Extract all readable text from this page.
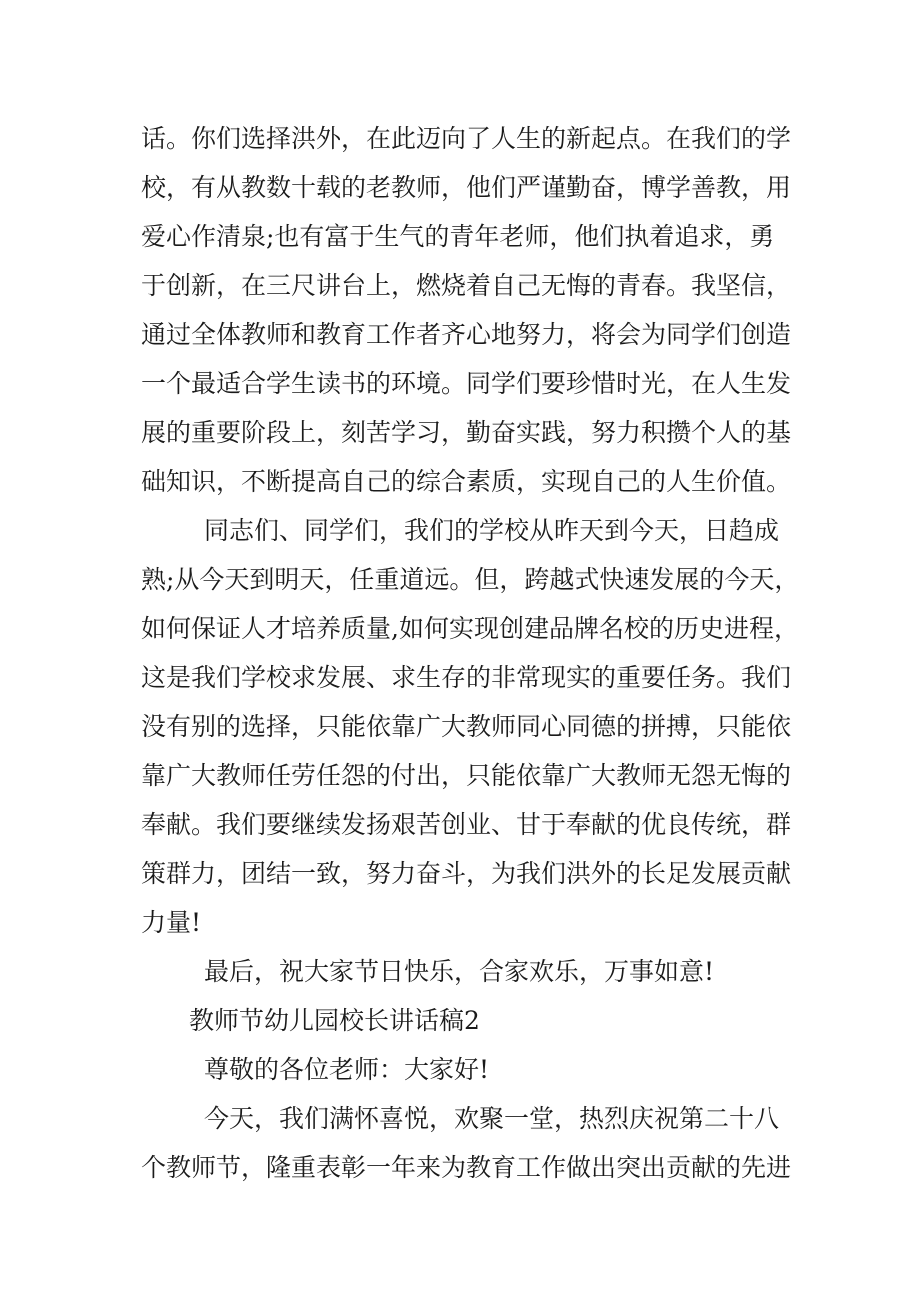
话。你们选择洪外，在此迈向了人生的新起点。在我们的学
校，有从教数十载的老教师，他们严谨勤奋，博学善教，用
爱心作清泉;也有富于生气的青年老师，他们执着追求，勇
于创新，在三尺讲台上，燃烧着自己无悔的青春。我坚信，
通过全体教师和教育工作者齐心地努力，将会为同学们创造
一个最适合学生读书的环境。同学们要珍惜时光，在人生发
展的重要阶段上，刻苦学习，勤奋实践，努力积攒个人的基
础知识，不断提高自己的综合素质，实现自己的人生价值。
同志们、同学们，我们的学校从昨天到今天，日趋成
熟;从今天到明天，任重道远。但，跨越式快速发展的今天，
如何保证人才培养质量,如何实现创建品牌名校的历史进程，
这是我们学校求发展、求生存的非常现实的重要任务。我们
没有别的选择，只能依靠广大教师同心同德的拼搏，只能依
靠广大教师任劳任怨的付出，只能依靠广大教师无怨无悔的
奉献。我们要继续发扬艰苦创业、甘于奉献的优良传统，群
策群力，团结一致，努力奋斗，为我们洪外的长足发展贡献
力量!
最后，祝大家节日快乐，合家欢乐，万事如意!
教师节幼儿园校长讲话稿2
尊敬的各位老师：大家好!
今天，我们满怀喜悦，欢聚一堂，热烈庆祝第二十八
个教师节，隆重表彰一年来为教育工作做出突出贡献的先进
